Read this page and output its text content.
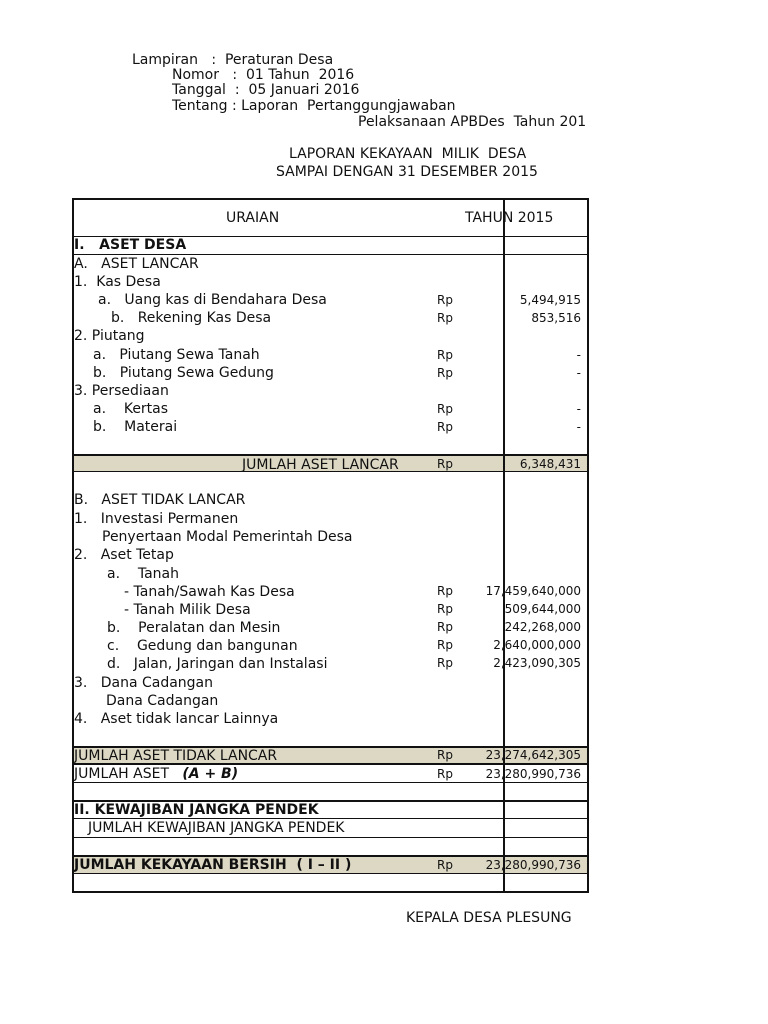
Lampiran   :  Peraturan Desa
Nomor   :  01 Tahun  2016
Tanggal  :  05 Januari 2016
Tentang : Laporan  Pertanggungjawaban
Pelaksanaan APBDes  Tahun 201
LAPORAN KEKAYAAN  MILIK  DESA
SAMPAI DENGAN 31 DESEMBER 2015
URAIAN	TAHUN 2015
I.   ASET DESA
A.   ASET LANCAR
1.  Kas Desa
a.   Uang kas di Bendahara Desa	Rp	5,494,915
b.   Rekening Kas Desa	Rp	853,516
2. Piutang
a.   Piutang Sewa Tanah	Rp	-
b.   Piutang Sewa Gedung	Rp	-
3. Persediaan
a.    Kertas	Rp	-
b.    Materai	Rp	-
JUMLAH ASET LANCAR	Rp	6,348,431
B.   ASET TIDAK LANCAR
1.   Investasi Permanen
Penyertaan Modal Pemerintah Desa
2.   Aset Tetap
a.    Tanah
- Tanah/Sawah Kas Desa	Rp	17,459,640,000
- Tanah Milik Desa	Rp	509,644,000
b.    Peralatan dan Mesin	Rp	242,268,000
c.    Gedung dan bangunan	Rp	2,640,000,000
d.   Jalan, Jaringan dan Instalasi	Rp	2,423,090,305
3.   Dana Cadangan
Dana Cadangan
4.   Aset tidak lancar Lainnya
JUMLAH ASET TIDAK LANCAR	Rp	23,274,642,305
JUMLAH ASET   (A + B)	Rp	23,280,990,736
II. KEWAJIBAN JANGKA PENDEK
JUMLAH KEWAJIBAN JANGKA PENDEK
JUMLAH KEKAYAAN BERSIH  ( I – II )	Rp	23,280,990,736
KEPALA DESA PLESUNG
